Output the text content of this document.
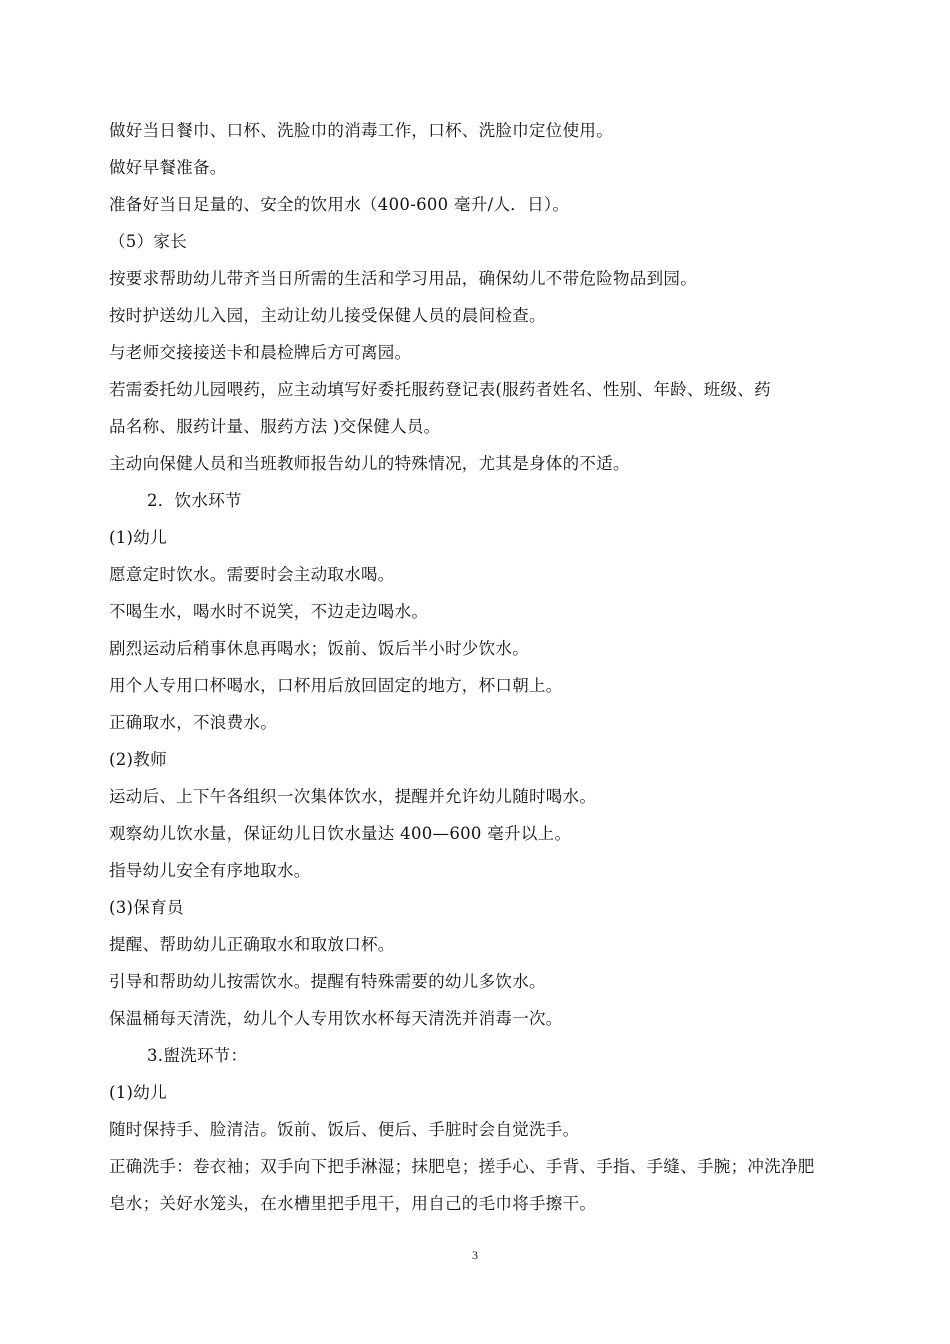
做好当日餐巾、口杯、洗脸巾的消毒工作，口杯、洗脸巾定位使用。
做好早餐准备。
准备好当日足量的、安全的饮用水（400-600 毫升/人．日）。
（5）家长
按要求帮助幼儿带齐当日所需的生活和学习用品，确保幼儿不带危险物品到园。
按时护送幼儿入园，主动让幼儿接受保健人员的晨间检查。
与老师交接接送卡和晨检牌后方可离园。
若需委托幼儿园喂药，应主动填写好委托服药登记表(服药者姓名、性别、年龄、班级、药
品名称、服药计量、服药方法 )交保健人员。
主动向保健人员和当班教师报告幼儿的特殊情况，尤其是身体的不适。
2．饮水环节
(1)幼儿
愿意定时饮水。需要时会主动取水喝。
不喝生水，喝水时不说笑，不边走边喝水。
剧烈运动后稍事休息再喝水；饭前、饭后半小时少饮水。
用个人专用口杯喝水，口杯用后放回固定的地方，杯口朝上。
正确取水，不浪费水。
(2)教师
运动后、上下午各组织一次集体饮水，提醒并允许幼儿随时喝水。
观察幼儿饮水量，保证幼儿日饮水量达 400—600 毫升以上。
指导幼儿安全有序地取水。
(3)保育员
提醒、帮助幼儿正确取水和取放口杯。
引导和帮助幼儿按需饮水。提醒有特殊需要的幼儿多饮水。
保温桶每天清洗，幼儿个人专用饮水杯每天清洗并消毒一次。
3.盥洗环节：
(1)幼儿
随时保持手、脸清洁。饭前、饭后、便后、手脏时会自觉洗手。
正确洗手：卷衣袖；双手向下把手淋湿；抹肥皂；搓手心、手背、手指、手缝、手腕；冲洗净肥
皂水；关好水笼头，在水槽里把手甩干，用自己的毛巾将手擦干。
3
